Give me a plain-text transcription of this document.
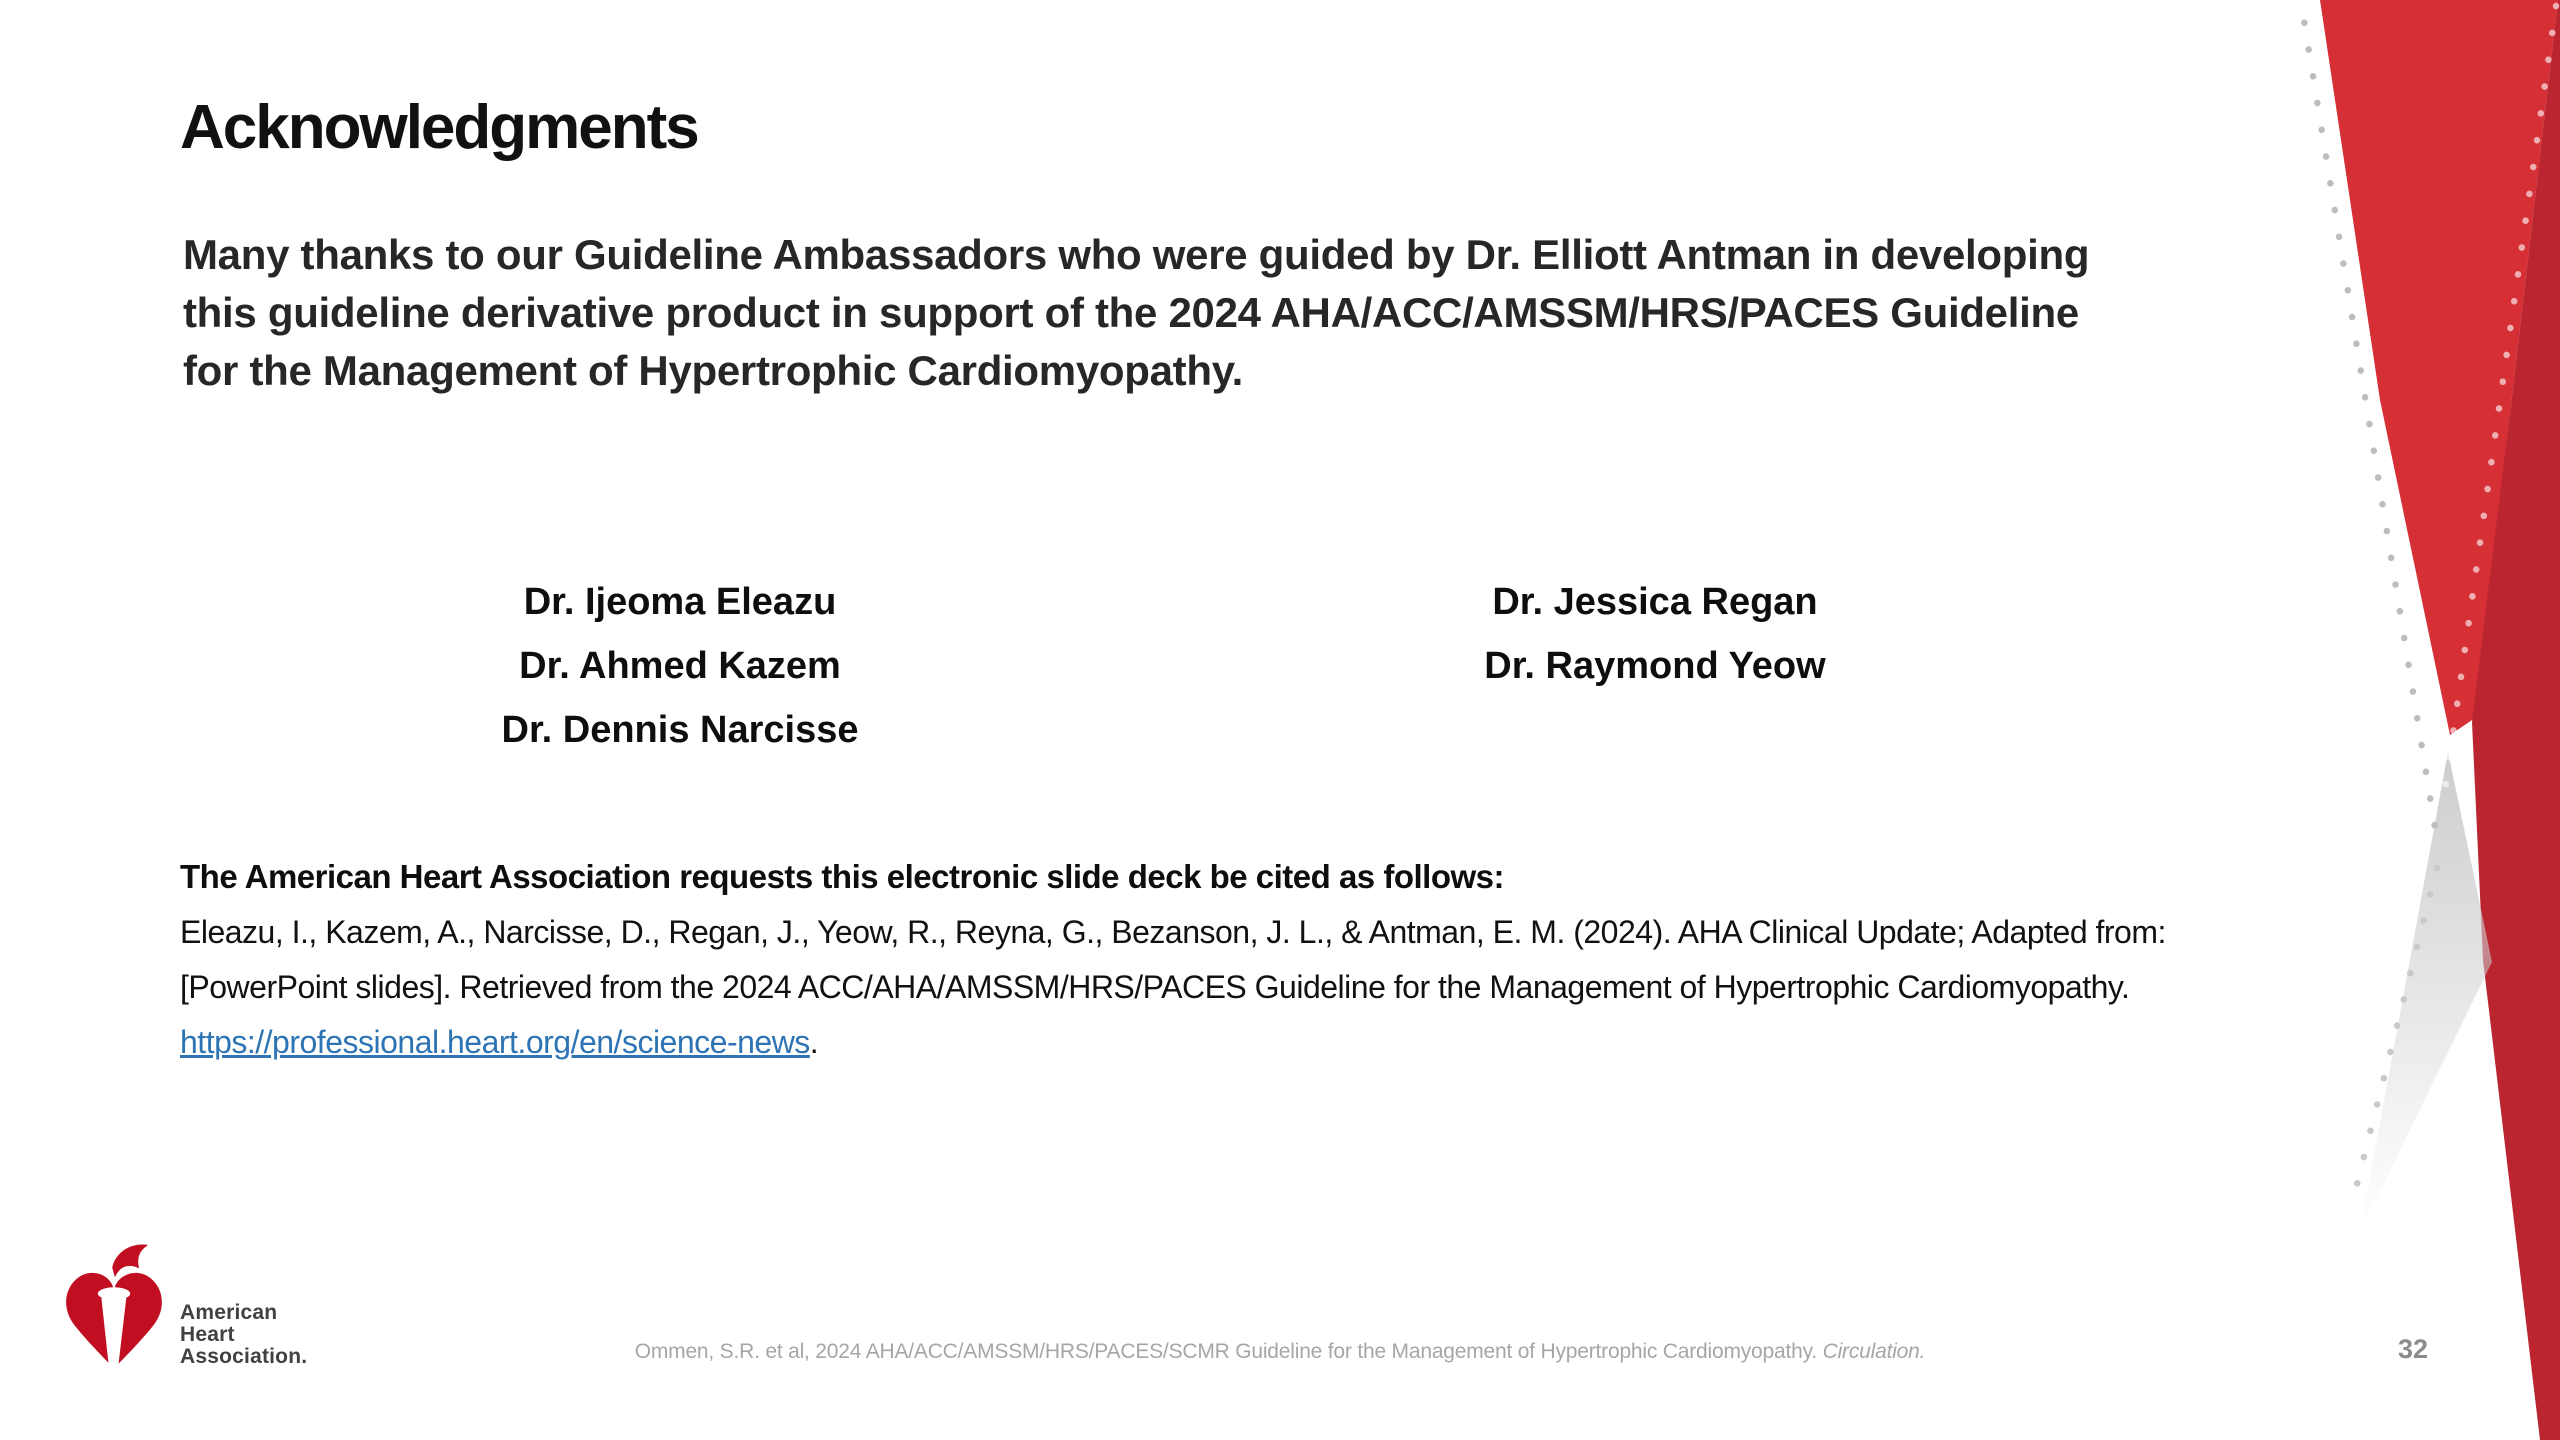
Acknowledgments
Many thanks to our Guideline Ambassadors who were guided by Dr. Elliott Antman in developing this guideline derivative product in support of the 2024 AHA/ACC/AMSSM/HRS/PACES Guideline for the Management of Hypertrophic Cardiomyopathy.
Dr. Ijeoma Eleazu
Dr. Ahmed Kazem
Dr. Dennis Narcisse
Dr. Jessica Regan
Dr. Raymond Yeow
The American Heart Association requests this electronic slide deck be cited as follows:
Eleazu, I., Kazem, A., Narcisse, D., Regan, J., Yeow, R., Reyna, G., Bezanson, J. L., & Antman, E. M. (2024). AHA Clinical Update; Adapted from: [PowerPoint slides]. Retrieved from the 2024 ACC/AHA/AMSSM/HRS/PACES Guideline for the Management of Hypertrophic Cardiomyopathy. https://professional.heart.org/en/science-news.
American
Heart
Association.	Ommen, S.R. et al, 2024 AHA/ACC/AMSSM/HRS/PACES/SCMR Guideline for the Management of Hypertrophic Cardiomyopathy. Circulation.	32
